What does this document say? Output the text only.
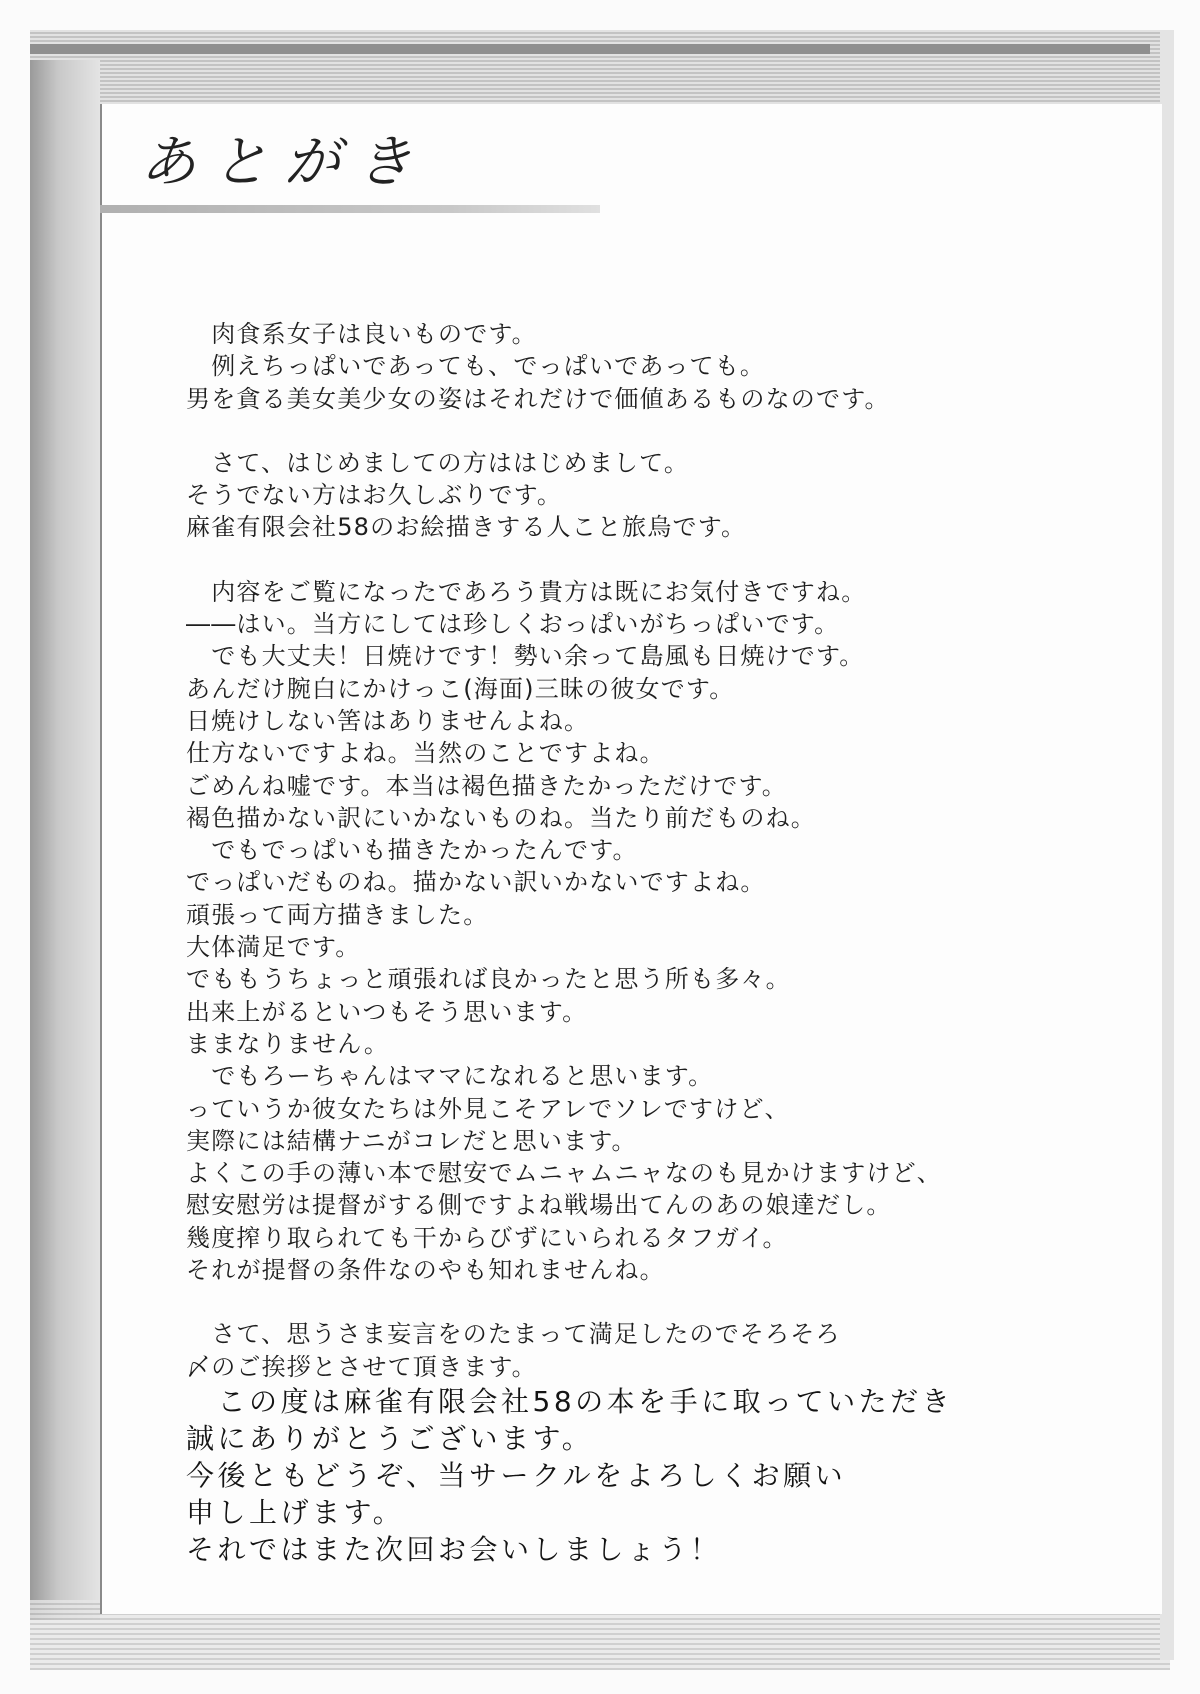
あとがき
　肉食系女子は良いものです。
　例えちっぱいであっても、でっぱいであっても。
男を貪る美女美少女の姿はそれだけで価値あるものなのです。
　さて、はじめましての方ははじめまして。
そうでない方はお久しぶりです。
麻雀有限会社58のお絵描きする人こと旅烏です。
　内容をご覧になったであろう貴方は既にお気付きですね。
――はい。当方にしては珍しくおっぱいがちっぱいです。
　でも大丈夫！日焼けです！勢い余って島風も日焼けです。
あんだけ腕白にかけっこ(海面)三昧の彼女です。
日焼けしない筈はありませんよね。
仕方ないですよね。当然のことですよね。
ごめんね嘘です。本当は褐色描きたかっただけです。
褐色描かない訳にいかないものね。当たり前だものね。
　でもでっぱいも描きたかったんです。
でっぱいだものね。描かない訳いかないですよね。
頑張って両方描きました。
大体満足です。
でももうちょっと頑張れば良かったと思う所も多々。
出来上がるといつもそう思います。
ままなりません。
　でもろーちゃんはママになれると思います。
っていうか彼女たちは外見こそアレでソレですけど、
実際には結構ナニがコレだと思います。
よくこの手の薄い本で慰安でムニャムニャなのも見かけますけど、
慰安慰労は提督がする側ですよね戦場出てんのあの娘達だし。
幾度搾り取られても干からびずにいられるタフガイ。
それが提督の条件なのやも知れませんね。
　さて、思うさま妄言をのたまって満足したのでそろそろ
〆のご挨拶とさせて頂きます。
　この度は麻雀有限会社58の本を手に取っていただき
誠にありがとうございます。
今後ともどうぞ、当サークルをよろしくお願い
申し上げます。
それではまた次回お会いしましょう！
